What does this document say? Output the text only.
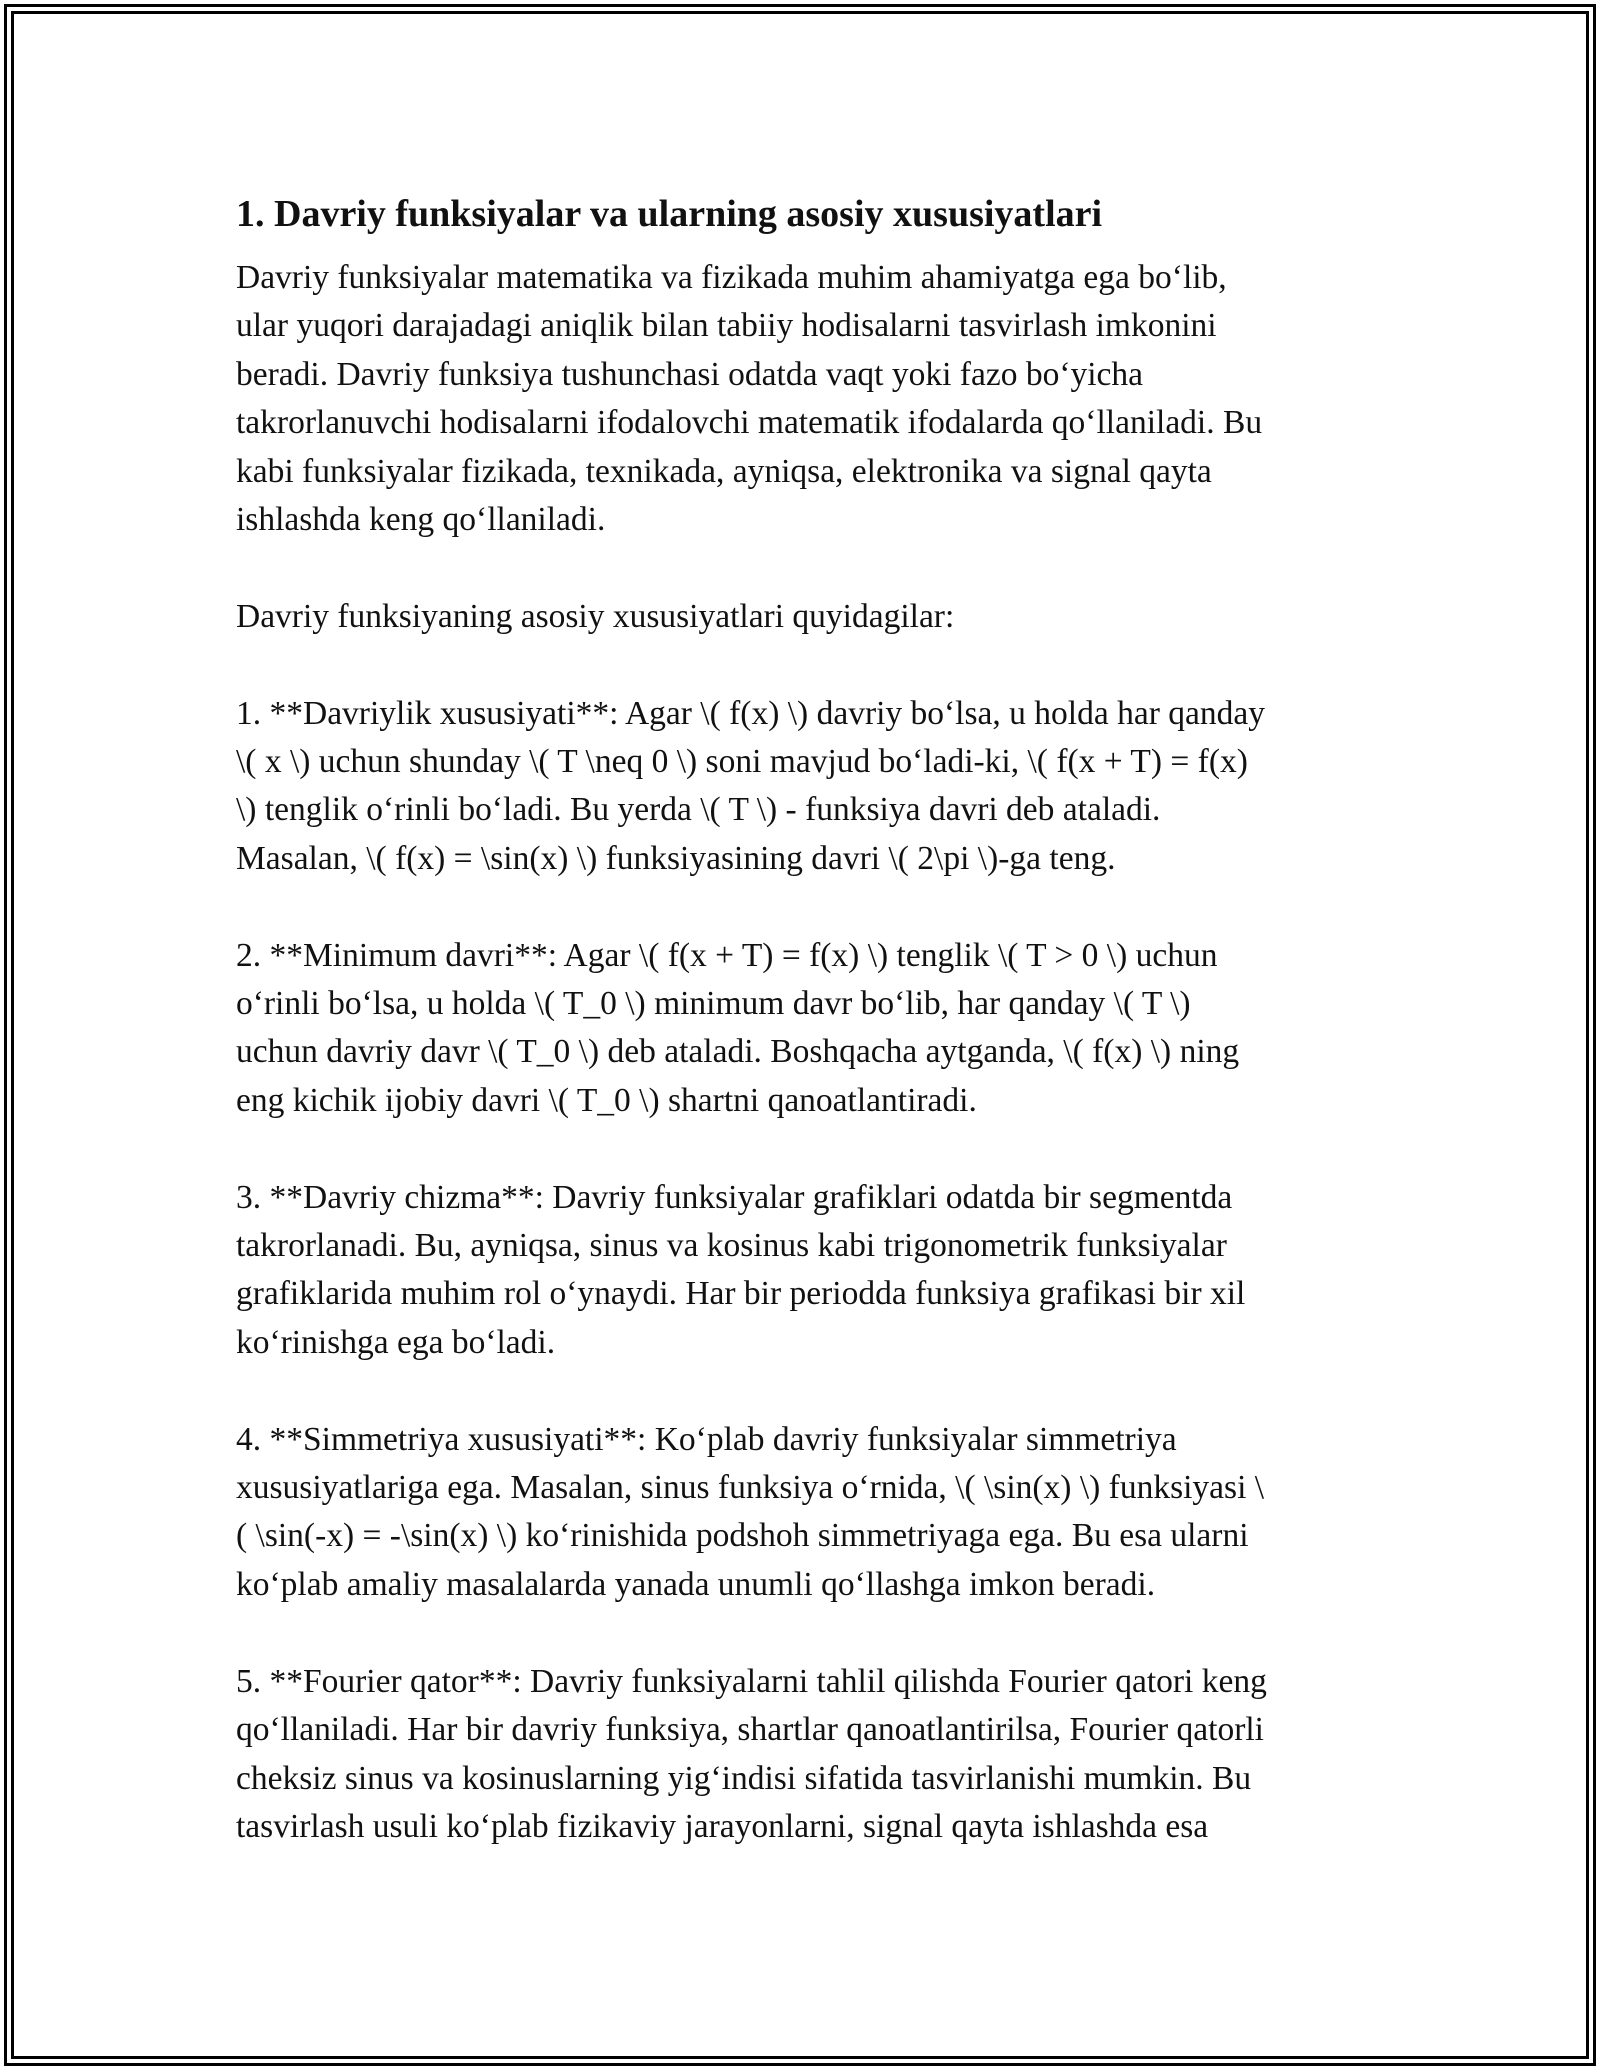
1. Davriy funksiyalar va ularning asosiy xususiyatlari

Davriy funksiyalar matematika va fizikada muhim ahamiyatga ega bo‘lib,
ular yuqori darajadagi aniqlik bilan tabiiy hodisalarni tasvirlash imkonini
beradi. Davriy funksiya tushunchasi odatda vaqt yoki fazo bo‘yicha
takrorlanuvchi hodisalarni ifodalovchi matematik ifodalarda qo‘llaniladi. Bu
kabi funksiyalar fizikada, texnikada, ayniqsa, elektronika va signal qayta
ishlashda keng qo‘llaniladi.

Davriy funksiyaning asosiy xususiyatlari quyidagilar:

1. **Davriylik xususiyati**: Agar \( f(x) \) davriy bo‘lsa, u holda har qanday
\( x \) uchun shunday \( T \neq 0 \) soni mavjud bo‘ladi-ki, \( f(x + T) = f(x)
\) tenglik o‘rinli bo‘ladi. Bu yerda \( T \) - funksiya davri deb ataladi.
Masalan, \( f(x) = \sin(x) \) funksiyasining davri \( 2\pi \)-ga teng.

2. **Minimum davri**: Agar \( f(x + T) = f(x) \) tenglik \( T > 0 \) uchun
o‘rinli bo‘lsa, u holda \( T_0 \) minimum davr bo‘lib, har qanday \( T \)
uchun davriy davr \( T_0 \) deb ataladi. Boshqacha aytganda, \( f(x) \) ning
eng kichik ijobiy davri \( T_0 \) shartni qanoatlantiradi.

3. **Davriy chizma**: Davriy funksiyalar grafiklari odatda bir segmentda
takrorlanadi. Bu, ayniqsa, sinus va kosinus kabi trigonometrik funksiyalar
grafiklarida muhim rol o‘ynaydi. Har bir periodda funksiya grafikasi bir xil
ko‘rinishga ega bo‘ladi.

4. **Simmetriya xususiyati**: Ko‘plab davriy funksiyalar simmetriya
xususiyatlariga ega. Masalan, sinus funksiya o‘rnida, \( \sin(x) \) funksiyasi \
( \sin(-x) = -\sin(x) \) ko‘rinishida podshoh simmetriyaga ega. Bu esa ularni
ko‘plab amaliy masalalarda yanada unumli qo‘llashga imkon beradi.

5. **Fourier qator**: Davriy funksiyalarni tahlil qilishda Fourier qatori keng
qo‘llaniladi. Har bir davriy funksiya, shartlar qanoatlantirilsa, Fourier qatorli
cheksiz sinus va kosinuslarning yig‘indisi sifatida tasvirlanishi mumkin. Bu
tasvirlash usuli ko‘plab fizikaviy jarayonlarni, signal qayta ishlashda esa
